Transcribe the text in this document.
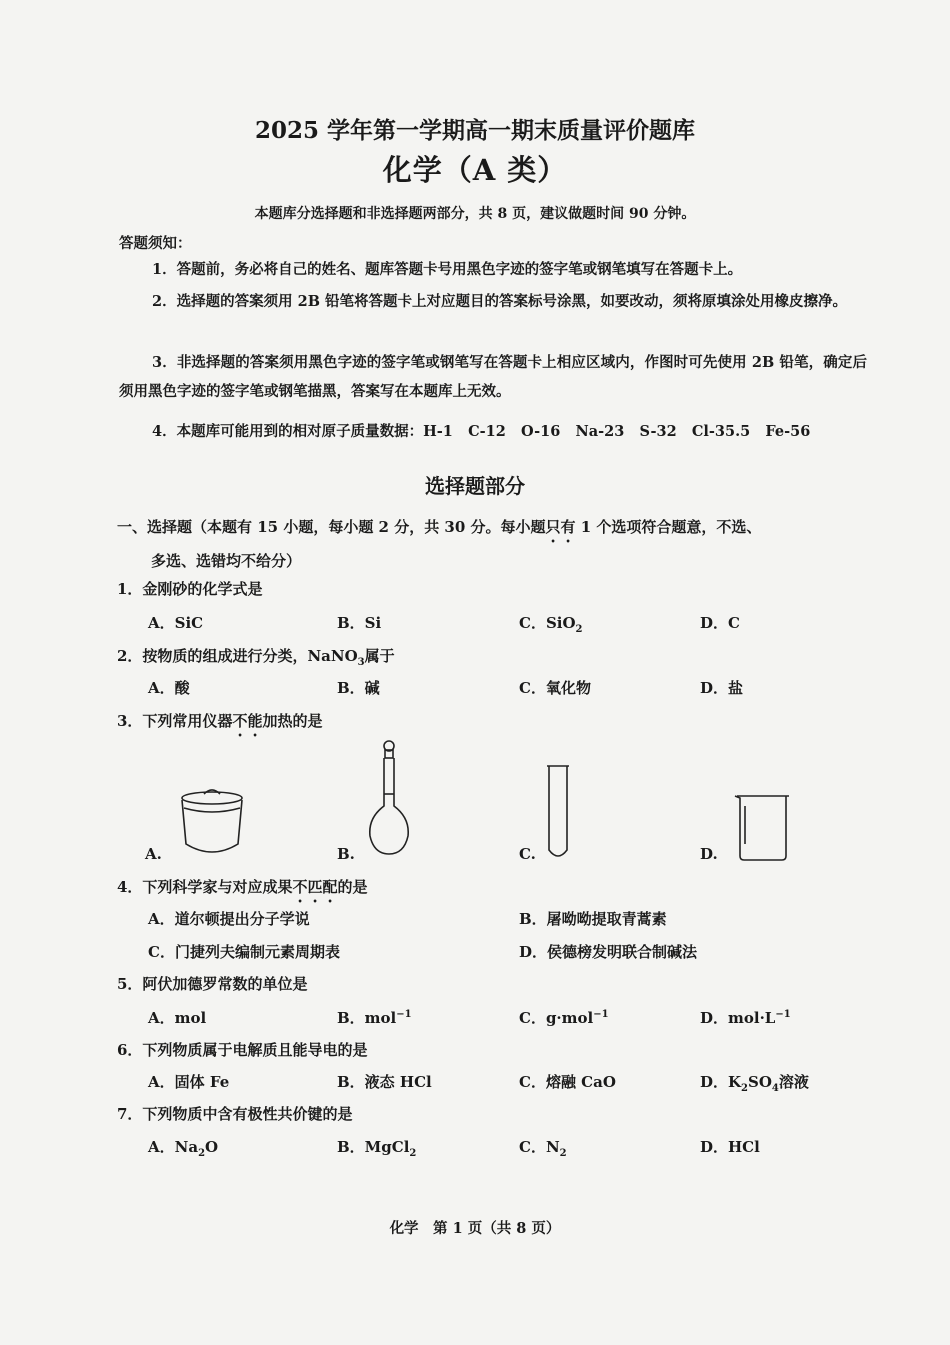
2025 学年第一学期高一期末质量评价题库
化学（A 类）
本题库分选择题和非选择题两部分，共 8 页，建议做题时间 90 分钟。
答题须知：
1．答题前，务必将自己的姓名、题库答题卡号用黑色字迹的签字笔或钢笔填写在答题卡上。
2．选择题的答案须用 2B 铅笔将答题卡上对应题目的答案标号涂黑，如要改动，须将原填涂处用橡皮擦净。
3．非选择题的答案须用黑色字迹的签字笔或钢笔写在答题卡上相应区域内，作图时可先使用 2B 铅笔，确定后须用黑色字迹的签字笔或钢笔描黑，答案写在本题库上无效。
4．本题库可能用到的相对原子质量数据：H-1 C-12 O-16 Na-23 S-32 Cl-35.5 Fe-56
选择题部分
一、选择题（本题有 15 小题，每小题 2 分，共 30 分。每小题只有 1 个选项符合题意，不选、
多选、选错均不给分）
1．金刚砂的化学式是
A．SiC	B．Si	C．SiO$_2$	D．C
2．按物质的组成进行分类，NaNO$_3$属于
A．酸	B．碱	C．氧化物	D．盐
3．下列常用仪器不能加热的是
A.	B.	C.	D.
4．下列科学家与对应成果不匹配的是
A．道尔顿提出分子学说	B．屠呦呦提取青蒿素
C．门捷列夫编制元素周期表	D．侯德榜发明联合制碱法
5．阿伏加德罗常数的单位是
A．mol	B．mol$^{-1}$	C．g·mol$^{-1}$	D．$mol\cdot L^{-1}$
6．下列物质属于电解质且能导电的是
A．固体 Fe	B．液态 HCl	C．熔融 CaO	D．$K_2SO_4$溶液
7．下列物质中含有极性共价键的是
A．$Na_2O$	B．MgCl$_2$	C．$N_2$	D．HCl
化学　第 1 页（共 8 页）
